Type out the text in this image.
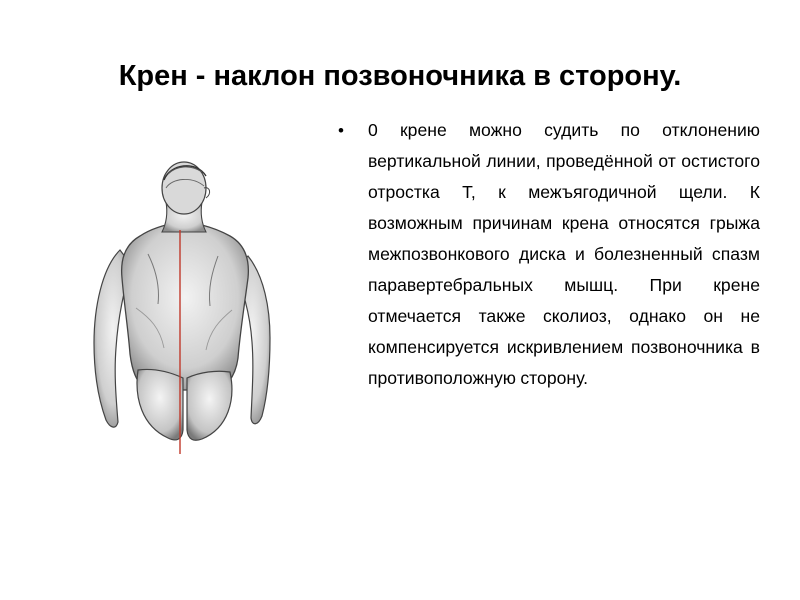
Крен - наклон позвоночника в сторону.
• 0 крене можно судить по отклонению вертикальной линии, проведённой от остистого отростка Т, к межъягодичной щели. К возможным причинам крена относятся грыжа межпозвонкового диска и болезненный спазм паравертебральных мышц. При крене отмечается также сколиоз, однако он не компенсируется искривлением позвоночника в противоположную сторону.
